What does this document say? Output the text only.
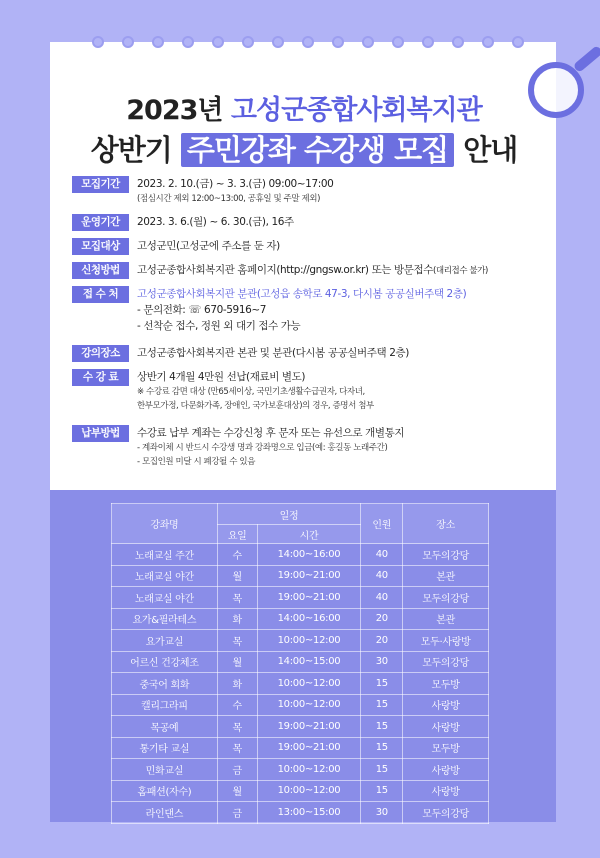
2023년 고성군종합사회복지관
상반기 주민강좌 수강생 모집 안내
모집기간	2023. 2. 10.(금) ~ 3. 3.(금) 09:00~17:00
(점심시간 제외 12:00~13:00, 공휴일 및 주말 제외)
운영기간	2023. 3. 6.(월) ~ 6. 30.(금), 16주
모집대상	고성군민(고성군에 주소를 둔 자)
신청방법	고성군종합사회복지관 홈페이지(http://gngsw.or.kr) 또는 방문접수(대리접수 불가)
접 수 처	고성군종합사회복지관 분관(고성읍 송학로 47-3, 다시봄 공공실버주택 2층)
- 문의전화: ☏ 670-5916~7
- 선착순 접수, 정원 외 대기 접수 가능
강의장소	고성군종합사회복지관 본관 및 분관(다시봄 공공실버주택 2층)
수 강 료	상반기 4개월 4만원 선납(재료비 별도)
※ 수강료 감면 대상 (만65세이상, 국민기초생활수급권자, 다자녀,
한부모가정, 다문화가족, 장애인, 국가보훈대상)의 경우, 증명서 첨부
납부방법	수강료 납부 계좌는 수강신청 후 문자 또는 유선으로 개별통지
- 계좌이체 시 반드시 수강생 명과 강좌명으로 입금(예: 홍길동 노래주간)
- 모집인원 미달 시 폐강될 수 있음
강좌명	일정		인원	장소
	요일	시간		
노래교실 주간	수	14:00~16:00	40	모두의강당
노래교실 야간	월	19:00~21:00	40	본관
노래교실 야간	목	19:00~21:00	40	모두의강당
요가&필라테스	화	14:00~16:00	20	본관
요가교실	목	10:00~12:00	20	모두·사랑방
어르신 건강체조	월	14:00~15:00	30	모두의강당
중국어 회화	화	10:00~12:00	15	모두방
캘리그라피	수	10:00~12:00	15	사랑방
목공예	목	19:00~21:00	15	사랑방
통기타 교실	목	19:00~21:00	15	모두방
민화교실	금	10:00~12:00	15	사랑방
홈패션(자수)	월	10:00~12:00	15	사랑방
라인댄스	금	13:00~15:00	30	모두의강당
